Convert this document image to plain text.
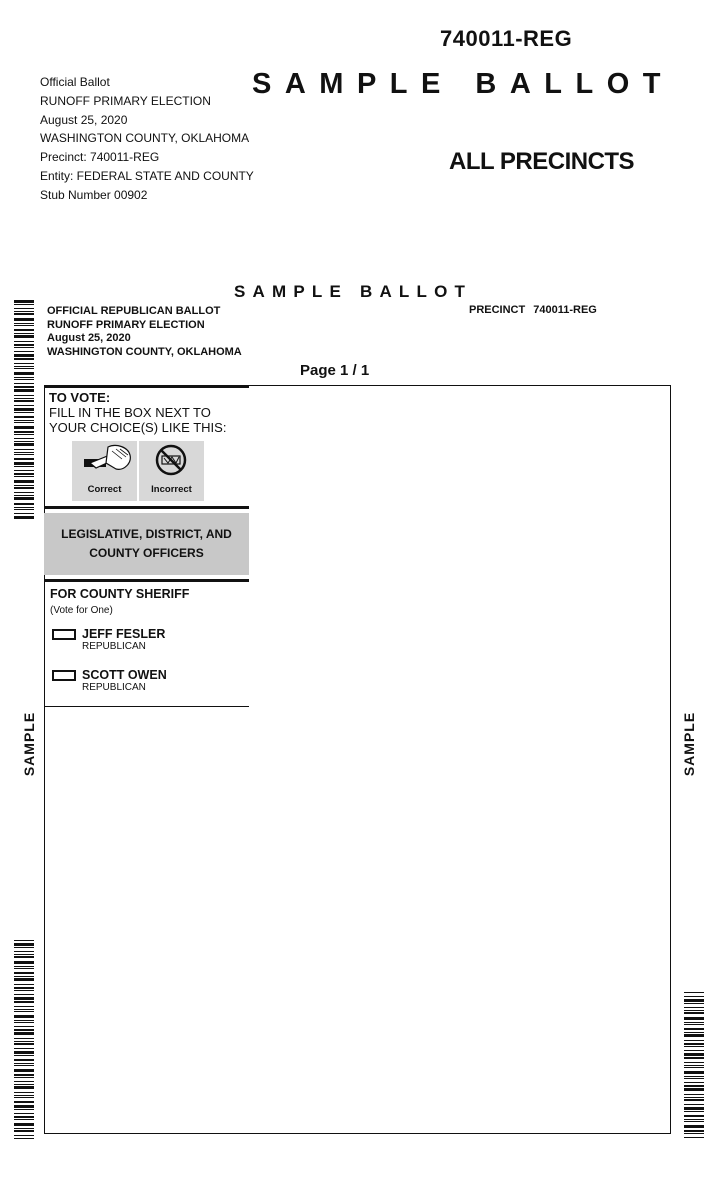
740011-REG
Official Ballot
RUNOFF PRIMARY ELECTION
August 25, 2020
WASHINGTON COUNTY, OKLAHOMA
Precinct: 740011-REG
Entity: FEDERAL STATE AND COUNTY
Stub Number 00902
SAMPLE BALLOT
ALL PRECINCTS
SAMPLE BALLOT
OFFICIAL REPUBLICAN BALLOT
RUNOFF PRIMARY ELECTION
August 25, 2020
WASHINGTON COUNTY, OKLAHOMA
PRECINCT 740011-REG
Page 1 / 1
TO VOTE:
FILL IN THE BOX NEXT TO
YOUR CHOICE(S) LIKE THIS:
Correct	Incorrect
LEGISLATIVE, DISTRICT, AND
COUNTY OFFICERS
FOR COUNTY SHERIFF
(Vote for One)
JEFF FESLER
REPUBLICAN
SCOTT OWEN
REPUBLICAN
SAMPLE	SAMPLE
